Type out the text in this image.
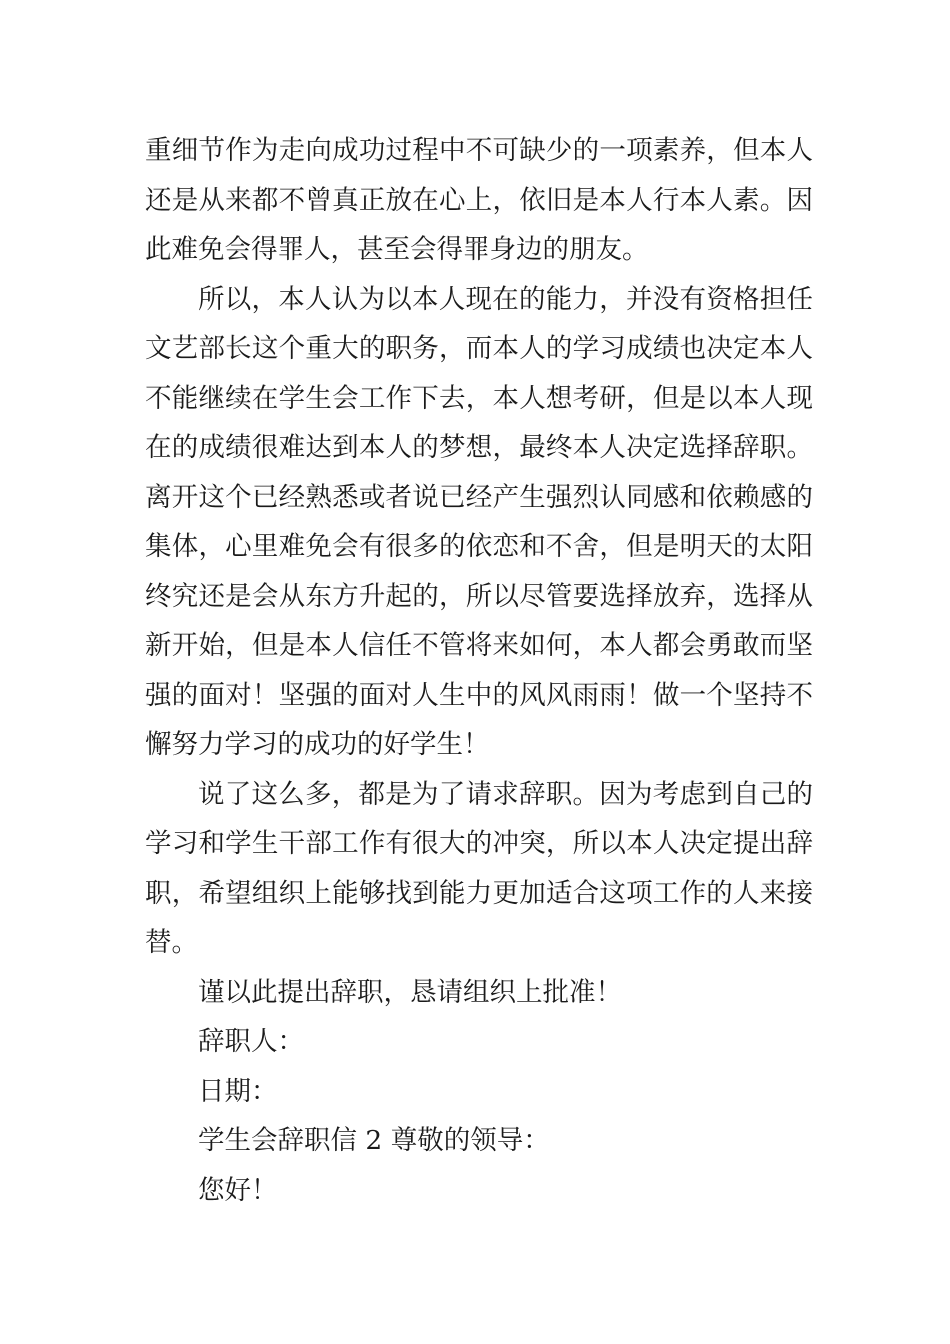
重细节作为走向成功过程中不可缺少的一项素养，但本人
还是从来都不曾真正放在心上，依旧是本人行本人素。因
此难免会得罪人，甚至会得罪身边的朋友。
所以，本人认为以本人现在的能力，并没有资格担任
文艺部长这个重大的职务，而本人的学习成绩也决定本人
不能继续在学生会工作下去，本人想考研，但是以本人现
在的成绩很难达到本人的梦想，最终本人决定选择辞职。
离开这个已经熟悉或者说已经产生强烈认同感和依赖感的
集体，心里难免会有很多的依恋和不舍，但是明天的太阳
终究还是会从东方升起的，所以尽管要选择放弃，选择从
新开始，但是本人信任不管将来如何，本人都会勇敢而坚
强的面对！坚强的面对人生中的风风雨雨！做一个坚持不
懈努力学习的成功的好学生！
说了这么多，都是为了请求辞职。因为考虑到自己的
学习和学生干部工作有很大的冲突，所以本人决定提出辞
职，希望组织上能够找到能力更加适合这项工作的人来接
替。
谨以此提出辞职，恳请组织上批准！
辞职人：
日期：
学生会辞职信 2 尊敬的领导：
您好！
